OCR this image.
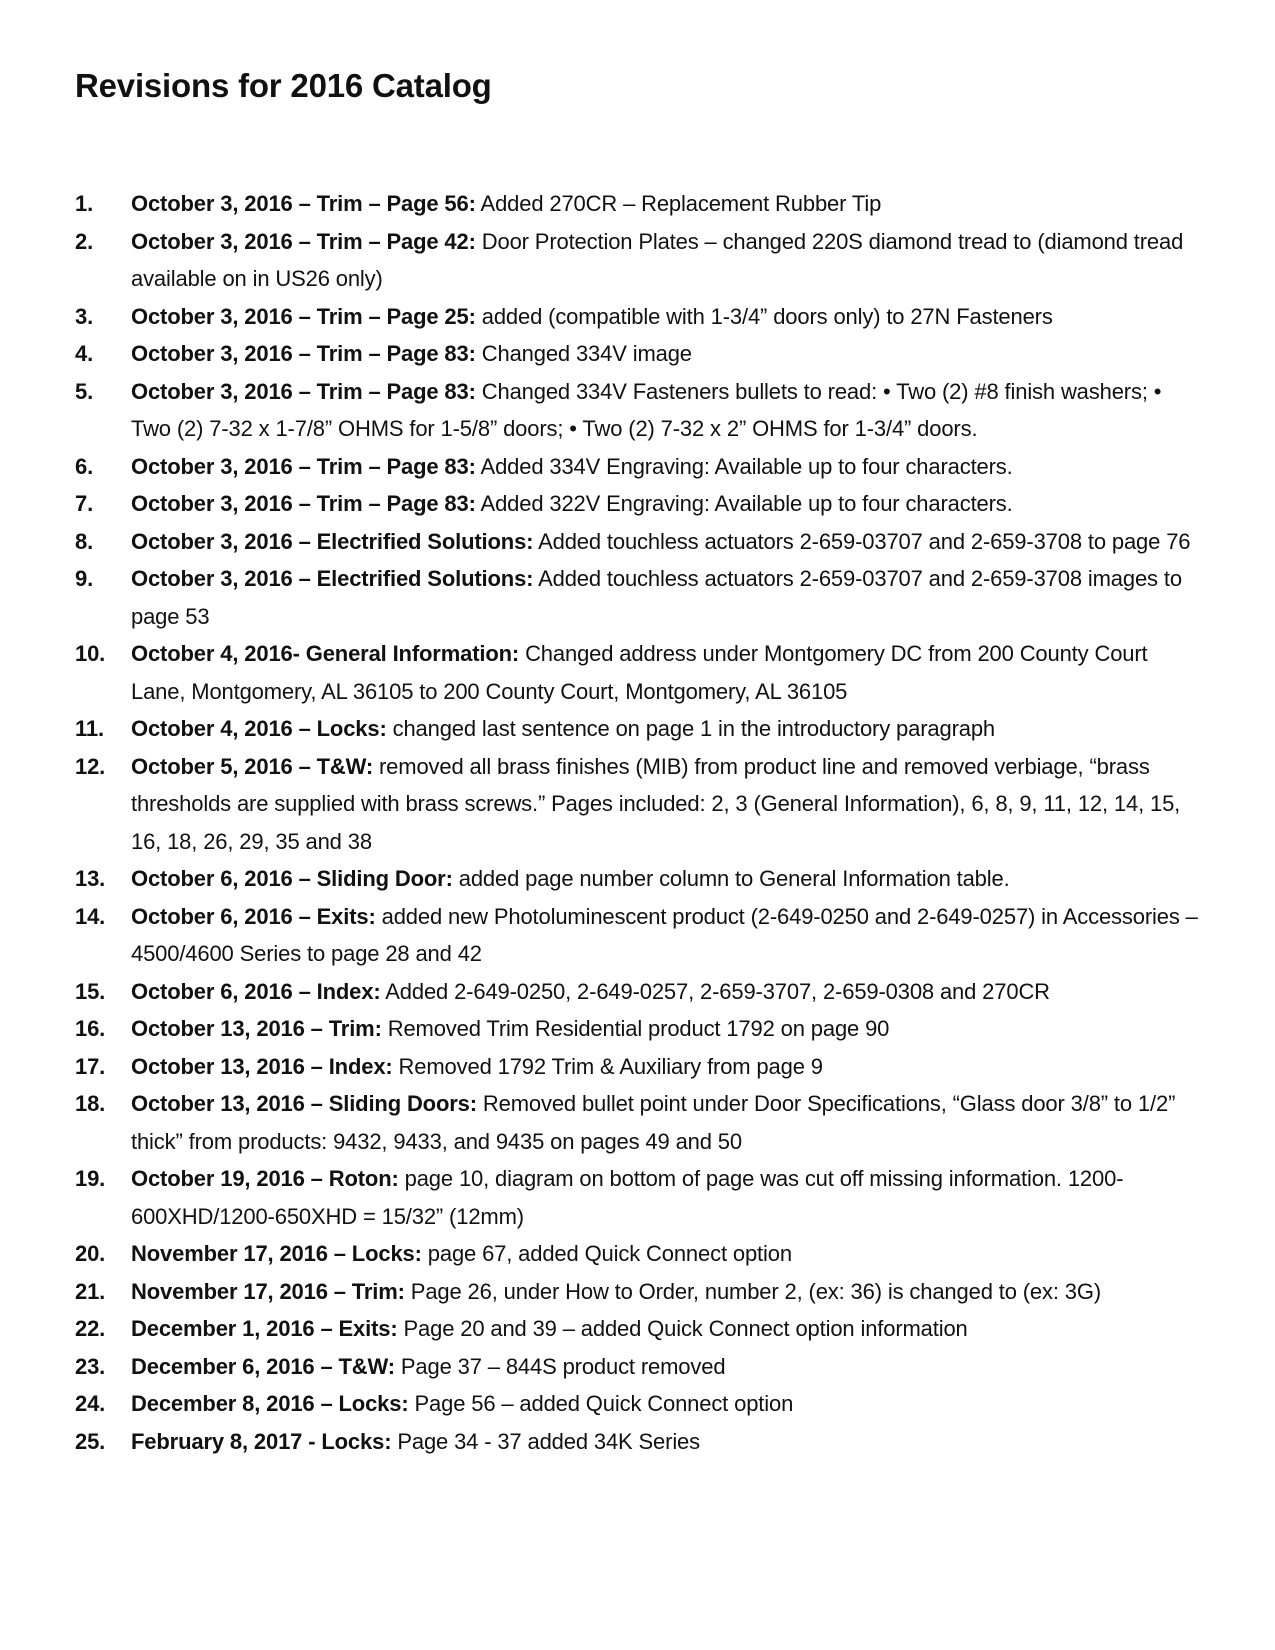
Revisions for 2016 Catalog
1. October 3, 2016 – Trim – Page 56: Added 270CR – Replacement Rubber Tip
2. October 3, 2016 – Trim – Page 42: Door Protection Plates – changed 220S diamond tread to (diamond tread available on in US26 only)
3. October 3, 2016 – Trim – Page 25: added (compatible with 1-3/4” doors only) to 27N Fasteners
4. October 3, 2016 – Trim – Page 83: Changed 334V image
5. October 3, 2016 – Trim – Page 83: Changed 334V Fasteners bullets to read: • Two (2) #8 finish washers; • Two (2) 7-32 x 1-7/8” OHMS for 1-5/8” doors; • Two (2) 7-32 x 2” OHMS for 1-3/4” doors.
6. October 3, 2016 – Trim – Page 83: Added 334V Engraving: Available up to four characters.
7. October 3, 2016 – Trim – Page 83: Added 322V Engraving: Available up to four characters.
8. October 3, 2016 – Electrified Solutions: Added touchless actuators 2-659-03707 and 2-659-3708 to page 76
9. October 3, 2016 – Electrified Solutions: Added touchless actuators 2-659-03707 and 2-659-3708 images to page 53
10. October 4, 2016- General Information: Changed address under Montgomery DC from 200 County Court Lane, Montgomery, AL 36105 to 200 County Court, Montgomery, AL 36105
11. October 4, 2016 – Locks: changed last sentence on page 1 in the introductory paragraph
12. October 5, 2016 – T&W: removed all brass finishes (MIB) from product line and removed verbiage, “brass thresholds are supplied with brass screws.” Pages included: 2, 3 (General Information), 6, 8, 9, 11, 12, 14, 15, 16, 18, 26, 29, 35 and 38
13. October 6, 2016 – Sliding Door: added page number column to General Information table.
14. October 6, 2016 – Exits: added new Photoluminescent product (2-649-0250 and 2-649-0257) in Accessories – 4500/4600 Series to page 28 and 42
15. October 6, 2016 – Index: Added 2-649-0250, 2-649-0257, 2-659-3707, 2-659-0308 and 270CR
16. October 13, 2016 – Trim: Removed Trim Residential product 1792 on page 90
17. October 13, 2016 – Index: Removed 1792 Trim & Auxiliary from page 9
18. October 13, 2016 – Sliding Doors: Removed bullet point under Door Specifications, “Glass door 3/8” to 1/2” thick” from products: 9432, 9433, and 9435 on pages 49 and 50
19. October 19, 2016 – Roton: page 10, diagram on bottom of page was cut off missing information. 1200-600XHD/1200-650XHD = 15/32” (12mm)
20. November 17, 2016 – Locks: page 67, added Quick Connect option
21. November 17, 2016 – Trim: Page 26, under How to Order, number 2, (ex: 36) is changed to (ex: 3G)
22. December 1, 2016 – Exits: Page 20 and 39 – added Quick Connect option information
23. December 6, 2016 – T&W: Page 37 – 844S product removed
24. December 8, 2016 – Locks: Page 56 – added Quick Connect option
25. February 8, 2017 - Locks: Page 34 - 37 added 34K Series
